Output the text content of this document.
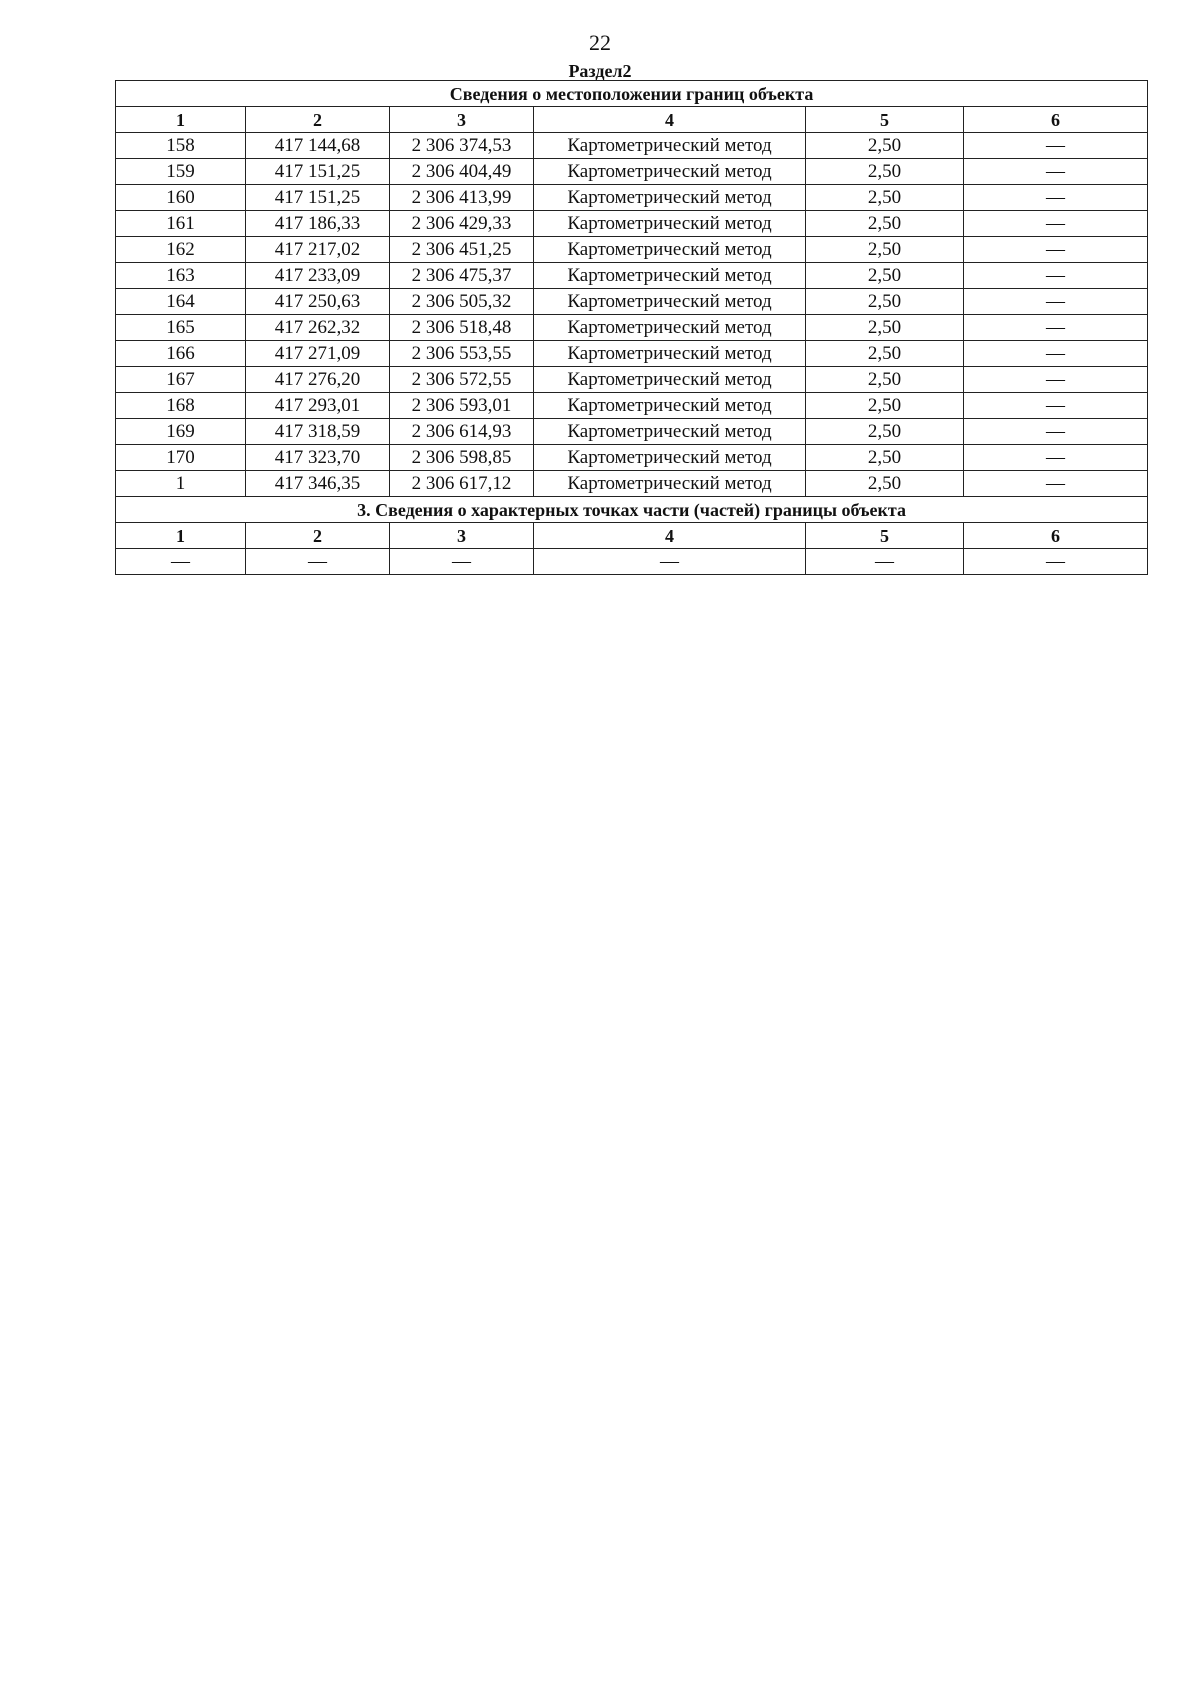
22
Раздел2
Сведения о местоположении границ объекта					
1	2	3	4	5	6
158	417 144,68	2 306 374,53	Картометрический метод	2,50	—
159	417 151,25	2 306 404,49	Картометрический метод	2,50	—
160	417 151,25	2 306 413,99	Картометрический метод	2,50	—
161	417 186,33	2 306 429,33	Картометрический метод	2,50	—
162	417 217,02	2 306 451,25	Картометрический метод	2,50	—
163	417 233,09	2 306 475,37	Картометрический метод	2,50	—
164	417 250,63	2 306 505,32	Картометрический метод	2,50	—
165	417 262,32	2 306 518,48	Картометрический метод	2,50	—
166	417 271,09	2 306 553,55	Картометрический метод	2,50	—
167	417 276,20	2 306 572,55	Картометрический метод	2,50	—
168	417 293,01	2 306 593,01	Картометрический метод	2,50	—
169	417 318,59	2 306 614,93	Картометрический метод	2,50	—
170	417 323,70	2 306 598,85	Картометрический метод	2,50	—
1	417 346,35	2 306 617,12	Картометрический метод	2,50	—
3. Сведения о характерных точках части (частей) границы объекта					
1	2	3	4	5	6
—	—	—	—	—	—
